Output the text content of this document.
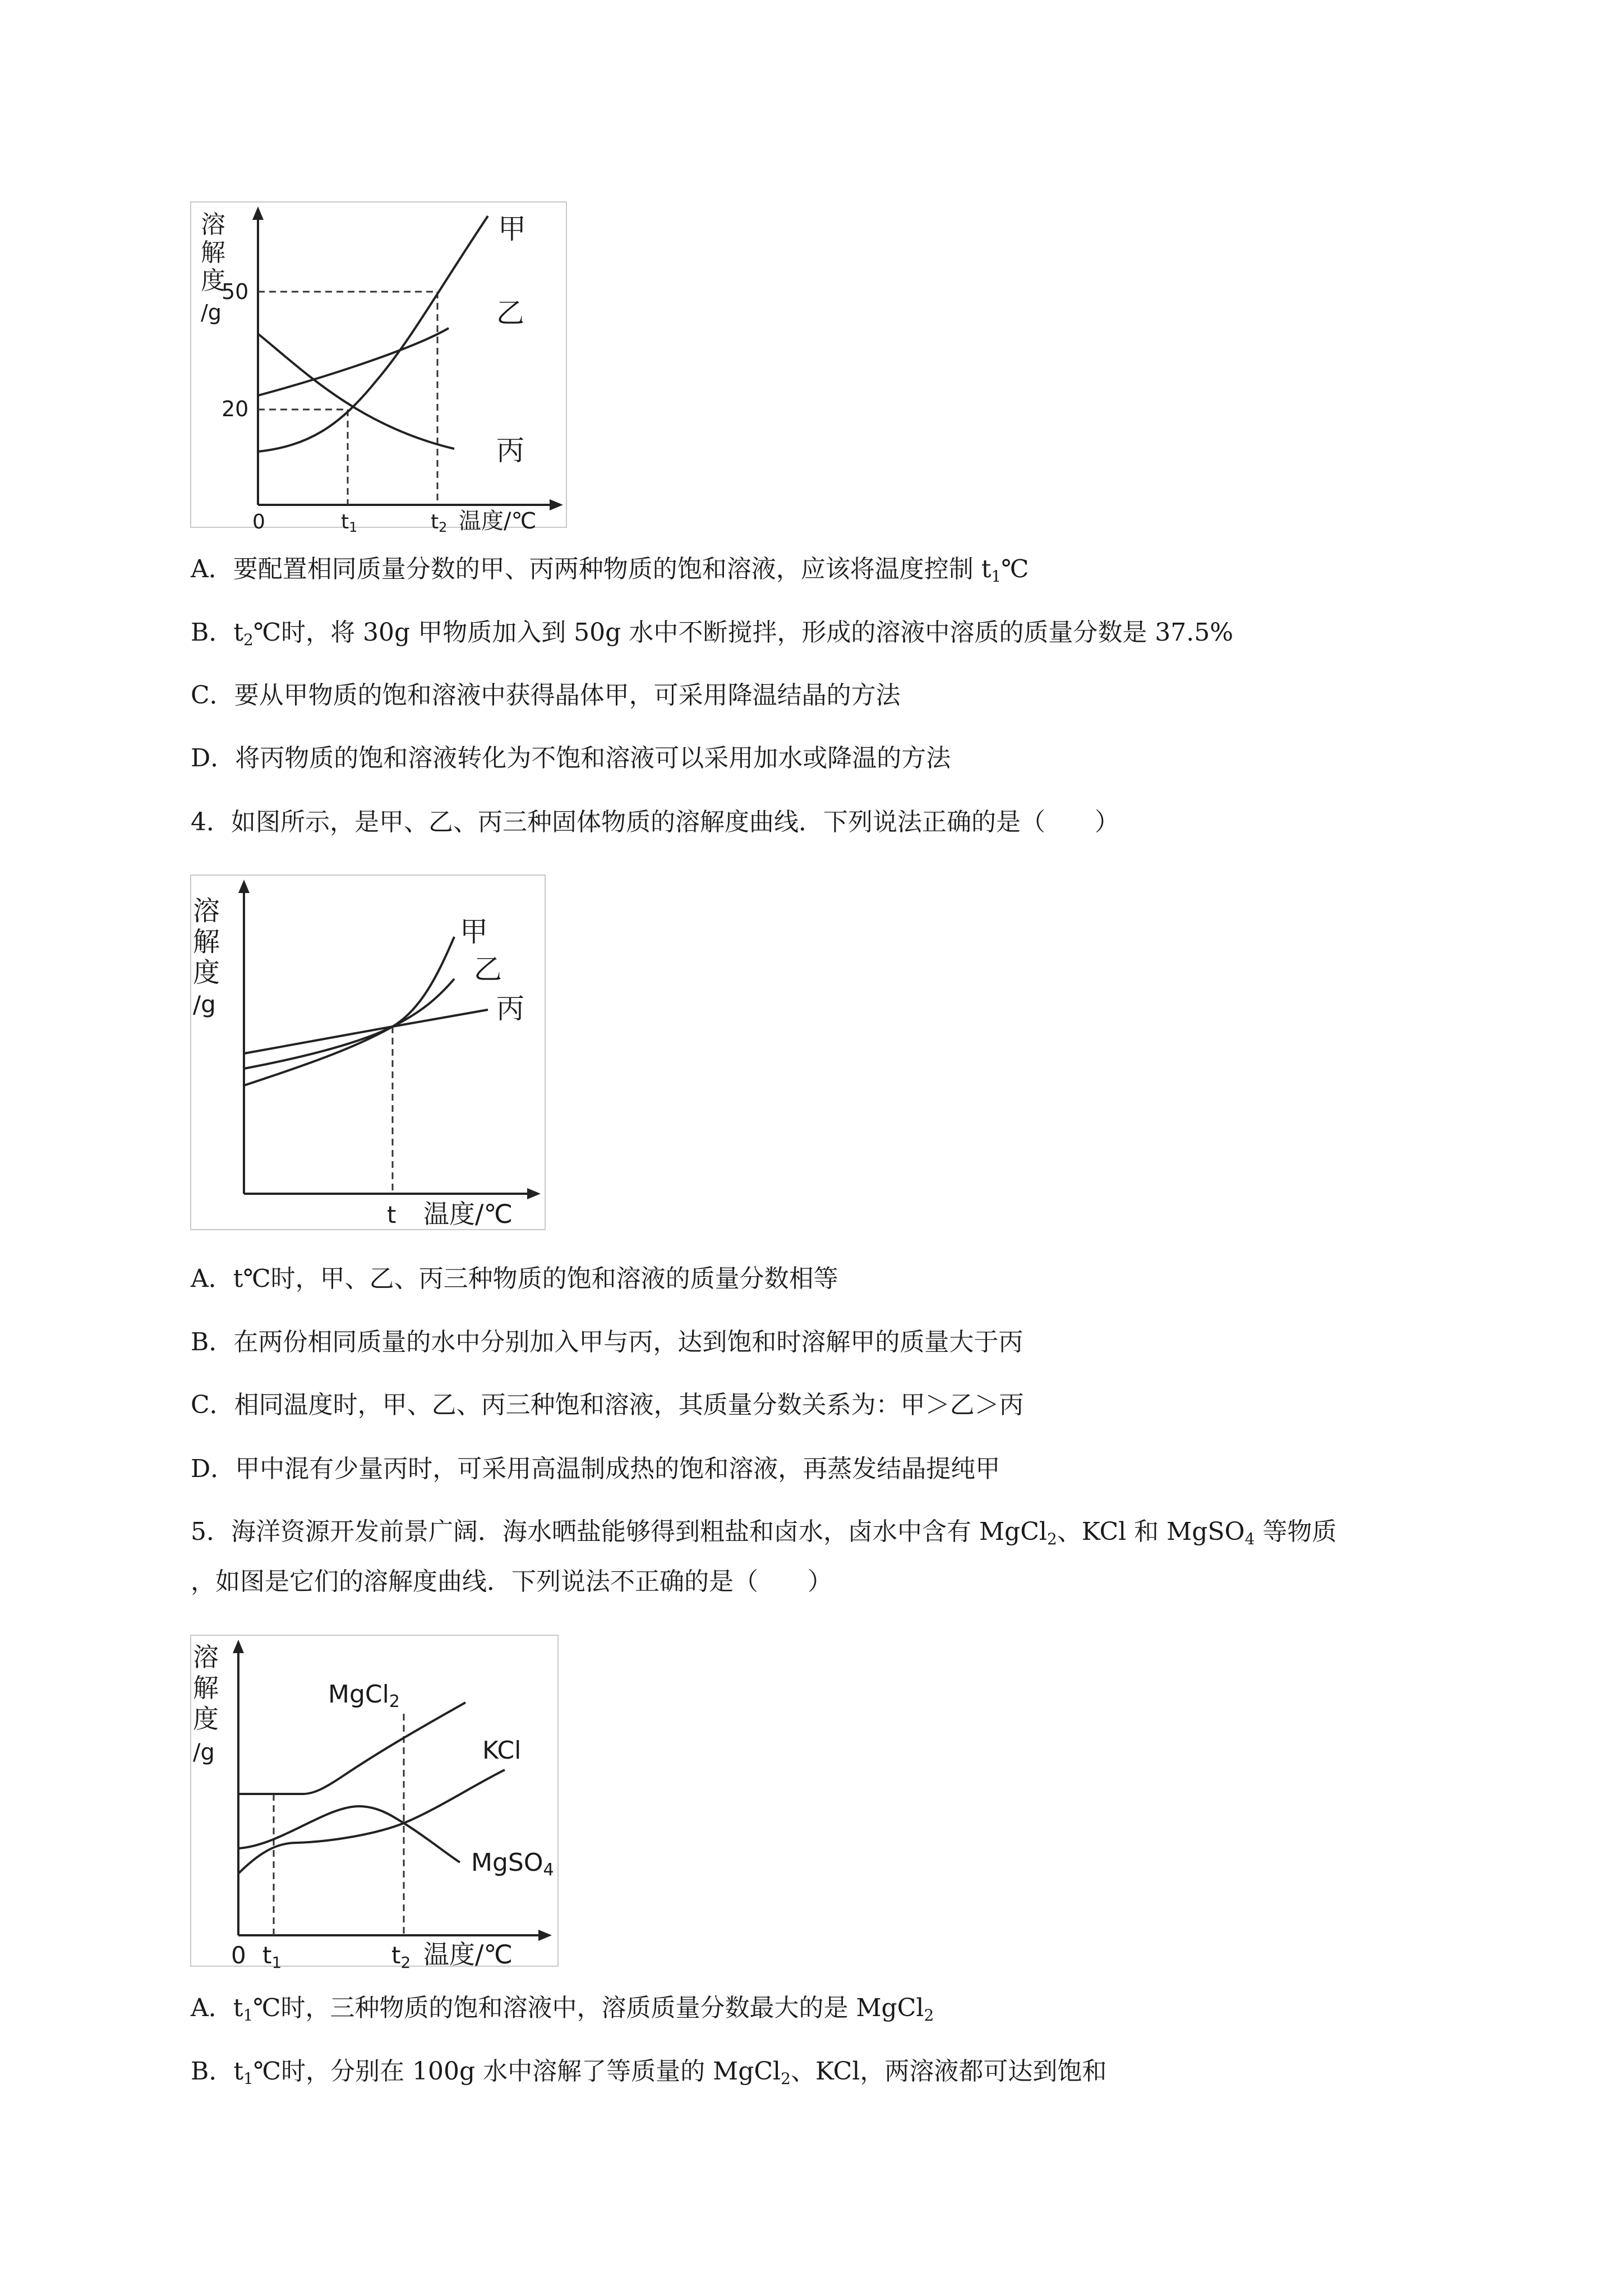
溶
解
度
/g
50
20
甲
乙
丙
0	t1	t2 温度/℃
A．要配置相同质量分数的甲、丙两种物质的饱和溶液，应该将温度控制 $t_1℃$
B．$t_2℃$时，将 30g 甲物质加入到 50g 水中不断搅拌，形成的溶液中溶质的质量分数是 37.5%
C．要从甲物质的饱和溶液中获得晶体甲，可采用降温结晶的方法
D．将丙物质的饱和溶液转化为不饱和溶液可以采用加水或降温的方法
4．如图所示，是甲、乙、丙三种固体物质的溶解度曲线．下列说法正确的是（　　）
溶
解
度
/g
甲
乙
丙
t 温度/℃
A．t℃时，甲、乙、丙三种物质的饱和溶液的质量分数相等
B．在两份相同质量的水中分别加入甲与丙，达到饱和时溶解甲的质量大于丙
C．相同温度时，甲、乙、丙三种饱和溶液，其质量分数关系为：甲＞乙＞丙
D．甲中混有少量丙时，可采用高温制成热的饱和溶液，再蒸发结晶提纯甲
5．海洋资源开发前景广阔．海水晒盐能够得到粗盐和卤水，卤水中含有 MgCl$_2$、KCl 和 MgSO$_4$ 等物质
，如图是它们的溶解度曲线．下列说法不正确的是（　　）
溶
解
度
/g
MgCl2
KCl
MgSO4
0 t1	t2 温度/℃
A．$t_1℃$时，三种物质的饱和溶液中，溶质质量分数最大的是 MgCl$_2$
B．$t_1℃$时，分别在 100g 水中溶解了等质量的 MgCl$_2$、KCl，两溶液都可达到饱和
